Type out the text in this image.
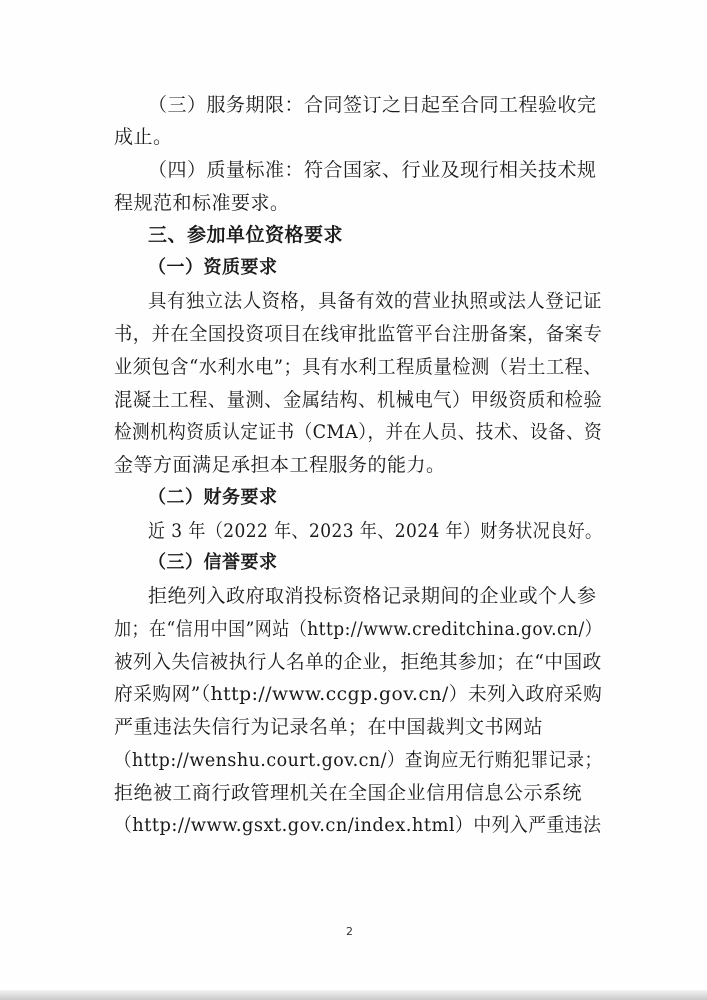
（三）服务期限：合同签订之日起至合同工程验收完
成止。
（四）质量标准：符合国家、行业及现行相关技术规
程规范和标准要求。
三、参加单位资格要求
（一）资质要求
具有独立法人资格，具备有效的营业执照或法人登记证
书，并在全国投资项目在线审批监管平台注册备案，备案专
业须包含“水利水电”；具有水利工程质量检测（岩土工程、
混凝土工程、量测、金属结构、机械电气）甲级资质和检验
检测机构资质认定证书（CMA），并在人员、技术、设备、资
金等方面满足承担本工程服务的能力。
（二）财务要求
近 3 年（2022 年、2023 年、2024 年）财务状况良好。
（三）信誉要求
拒绝列入政府取消投标资格记录期间的企业或个人参
加；在“信用中国”网站（http://www.creditchina.gov.cn/）
被列入失信被执行人名单的企业，拒绝其参加；在“中国政
府采购网”（http://www.ccgp.gov.cn/）未列入政府采购
严重违法失信行为记录名单；在中国裁判文书网站
（http://wenshu.court.gov.cn/）查询应无行贿犯罪记录；
拒绝被工商行政管理机关在全国企业信用信息公示系统
（http://www.gsxt.gov.cn/index.html）中列入严重违法
2
